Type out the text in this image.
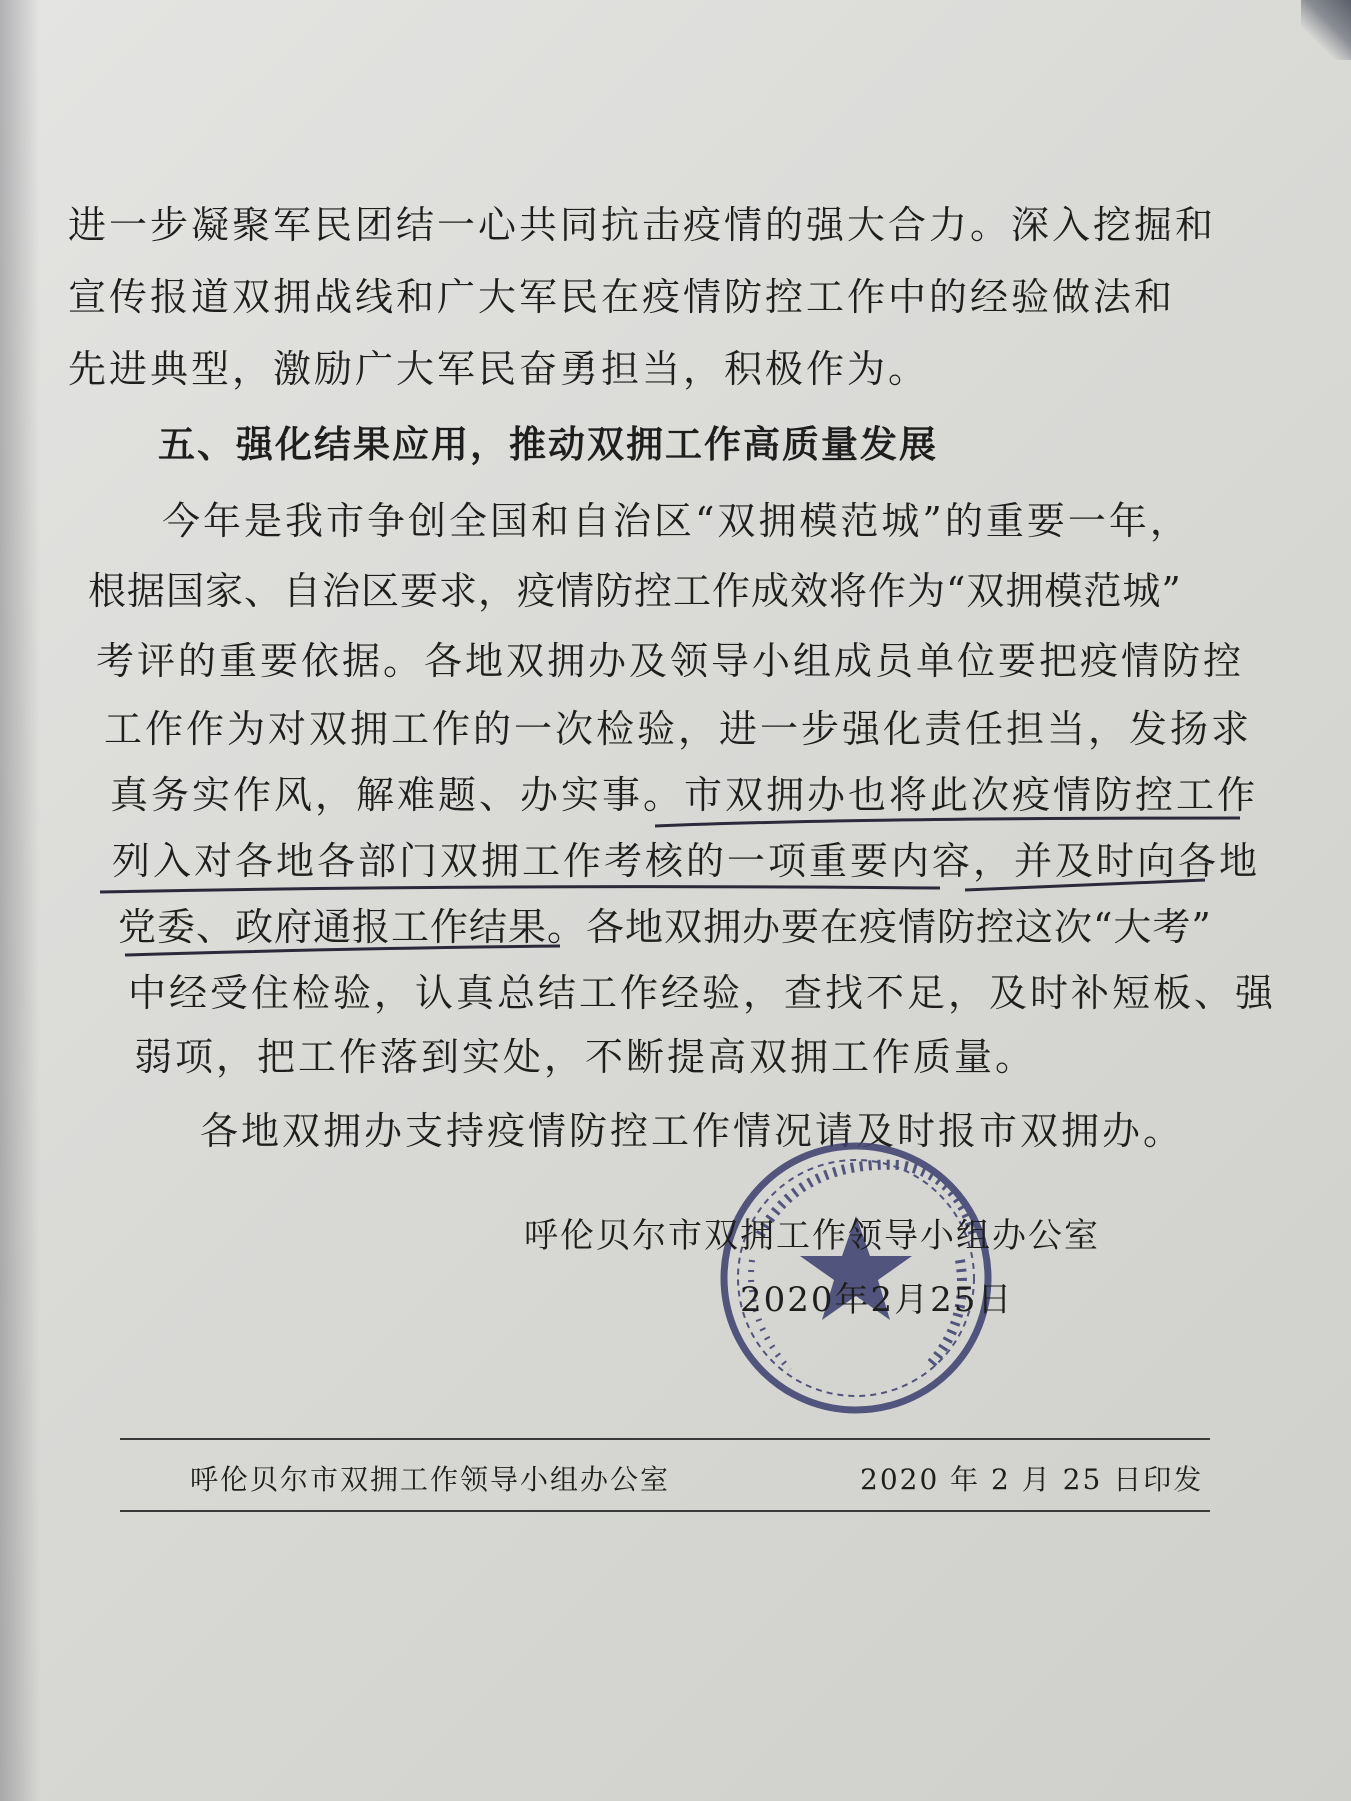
进一步凝聚军民团结一心共同抗击疫情的强大合力。深入挖掘和
宣传报道双拥战线和广大军民在疫情防控工作中的经验做法和
先进典型，激励广大军民奋勇担当，积极作为。
五、强化结果应用，推动双拥工作高质量发展
今年是我市争创全国和自治区“双拥模范城”的重要一年，
根据国家、自治区要求，疫情防控工作成效将作为“双拥模范城”
考评的重要依据。各地双拥办及领导小组成员单位要把疫情防控
工作作为对双拥工作的一次检验，进一步强化责任担当，发扬求
真务实作风，解难题、办实事。市双拥办也将此次疫情防控工作
列入对各地各部门双拥工作考核的一项重要内容，并及时向各地
党委、政府通报工作结果。各地双拥办要在疫情防控这次“大考”
中经受住检验，认真总结工作经验，查找不足，及时补短板、强
弱项，把工作落到实处，不断提高双拥工作质量。
各地双拥办支持疫情防控工作情况请及时报市双拥办。
呼伦贝尔市双拥工作领导小组办公室
2020年2月25日
呼伦贝尔市双拥工作领导小组办公室	2020 年 2 月 25 日印发
